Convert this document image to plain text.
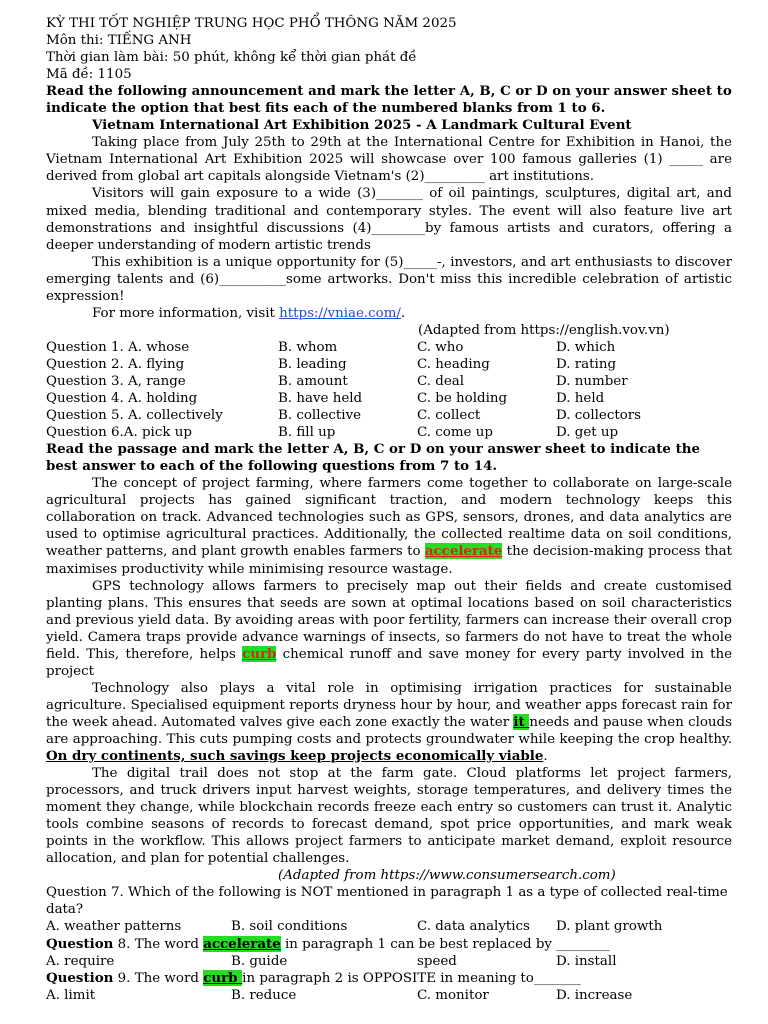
KỲ THI TỐT NGHIỆP TRUNG HỌC PHỔ THÔNG NĂM 2025
Môn thi: TIẾNG ANH
Thời gian làm bài: 50 phút, không kể thời gian phát đề
Mã đề: 1105
Read the following announcement and mark the letter A, B, C or D on your answer sheet to indicate the option that best fits each of the numbered blanks from 1 to 6.
Vietnam International Art Exhibition 2025 - A Landmark Cultural Event

Taking place from July 25th to 29th at the International Centre for Exhibition in Hanoi, the Vietnam International Art Exhibition 2025 will showcase over 100 famous galleries (1) _____ are derived from global art capitals alongside Vietnam's (2)_________ art institutions.

Visitors will gain exposure to a wide (3)_______ of oil paintings, sculptures, digital art, and mixed media, blending traditional and contemporary styles. The event will also feature live art demonstrations and insightful discussions (4)________by famous artists and curators, offering a deeper understanding of modern artistic trends

This exhibition is a unique opportunity for (5)_____-, investors, and art enthusiasts to discover emerging talents and (6)__________some artworks. Don't miss this incredible celebration of artistic expression!

For more information, visit https://vniae.com/.
(Adapted from https://english.vov.vn)
Question 1. A. whose	B. whom	C. who	D. which
Question 2. A. flying	B. leading	C. heading	D. rating
Question 3. A, range	B. amount	C. deal	D. number
Question 4. A. holding	B. have held	C. be holding	D. held
Question 5. A. collectively	B. collective	C. collect	D. collectors
Question 6.A. pick up	B. fill up	C. come up	D. get up
Read the passage and mark the letter A, B, C or D on your answer sheet to indicate the best answer to each of the following questions from 7 to 14.

The concept of project farming, where farmers come together to collaborate on large-scale agricultural projects has gained significant traction, and modern technology keeps this collaboration on track. Advanced technologies such as GPS, sensors, drones, and data analytics are used to optimise agricultural practices. Additionally, the collected realtime data on soil conditions, weather patterns, and plant growth enables farmers to accelerate the decision-making process that maximises productivity while minimising resource wastage.

GPS technology allows farmers to precisely map out their fields and create customised planting plans. This ensures that seeds are sown at optimal locations based on soil characteristics and previous yield data. By avoiding areas with poor fertility, farmers can increase their overall crop yield. Camera traps provide advance warnings of insects, so farmers do not have to treat the whole field. This, therefore, helps curb chemical runoff and save money for every party involved in the project

Technology also plays a vital role in optimising irrigation practices for sustainable agriculture. Specialised equipment reports dryness hour by hour, and weather apps forecast rain for the week ahead. Automated valves give each zone exactly the water it needs and pause when clouds are approaching. This cuts pumping costs and protects groundwater while keeping the crop healthy. On dry continents, such savings keep projects economically viable.

The digital trail does not stop at the farm gate. Cloud platforms let project farmers, processors, and truck drivers input harvest weights, storage temperatures, and delivery times the moment they change, while blockchain records freeze each entry so customers can trust it. Analytic tools combine seasons of records to forecast demand, spot price opportunities, and mark weak points in the workflow. This allows project farmers to anticipate market demand, exploit resource allocation, and plan for potential challenges.

(Adapted from https://www.consumersearch.com)
Question 7. Which of the following is NOT mentioned in paragraph 1 as a type of collected real-time data?
A. weather patterns	B. soil conditions	C. data analytics	D. plant growth
Question 8. The word accelerate in paragraph 1 can be best replaced by ________
A. require	B. guide	speed	D. install
Question 9. The word curb in paragraph 2 is OPPOSITE in meaning to_______
A. limit	B. reduce	C. monitor	D. increase
